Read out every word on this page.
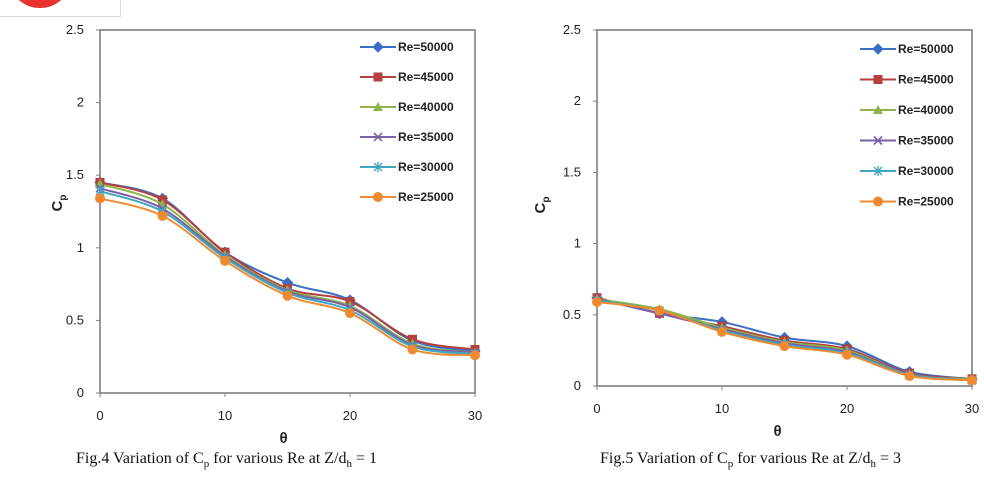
0
0.5
1
1.5
2
2.5
0	10	20	30
$C_p$
θ
Re=50000
Re=45000
Re=40000
Re=35000
Re=30000
Re=25000
0
0.5
1
1.5
2
2.5
0	10	20	30
$C_p$
θ
Re=50000
Re=45000
Re=40000
Re=35000
Re=30000
Re=25000
Fig.4 Variation of $C_p$ for various Re at $Z/d_h = 1$	Fig.5 Variation of $C_p$ for various Re at $Z/d_h = 3$
